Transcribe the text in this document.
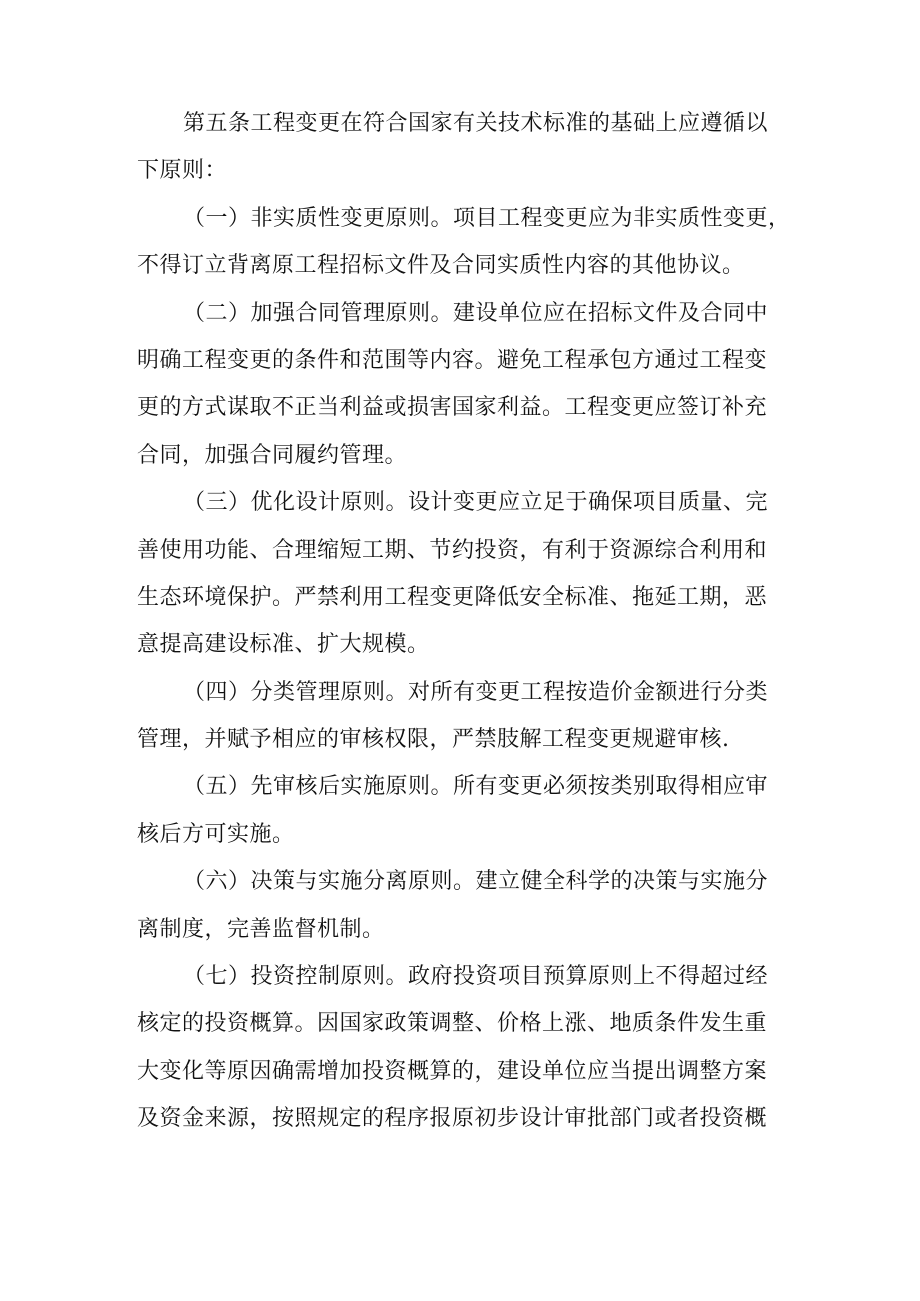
第五条工程变更在符合国家有关技术标准的基础上应遵循以
下原则：
（一）非实质性变更原则。项目工程变更应为非实质性变更，
不得订立背离原工程招标文件及合同实质性内容的其他协议。
（二）加强合同管理原则。建设单位应在招标文件及合同中
明确工程变更的条件和范围等内容。避免工程承包方通过工程变
更的方式谋取不正当利益或损害国家利益。工程变更应签订补充
合同，加强合同履约管理。
（三）优化设计原则。设计变更应立足于确保项目质量、完
善使用功能、合理缩短工期、节约投资，有利于资源综合利用和
生态环境保护。严禁利用工程变更降低安全标准、拖延工期，恶
意提高建设标准、扩大规模。
（四）分类管理原则。对所有变更工程按造价金额进行分类
管理，并赋予相应的审核权限，严禁肢解工程变更规避审核.
（五）先审核后实施原则。所有变更必须按类别取得相应审
核后方可实施。
（六）决策与实施分离原则。建立健全科学的决策与实施分
离制度，完善监督机制。
（七）投资控制原则。政府投资项目预算原则上不得超过经
核定的投资概算。因国家政策调整、价格上涨、地质条件发生重
大变化等原因确需增加投资概算的，建设单位应当提出调整方案
及资金来源，按照规定的程序报原初步设计审批部门或者投资概
